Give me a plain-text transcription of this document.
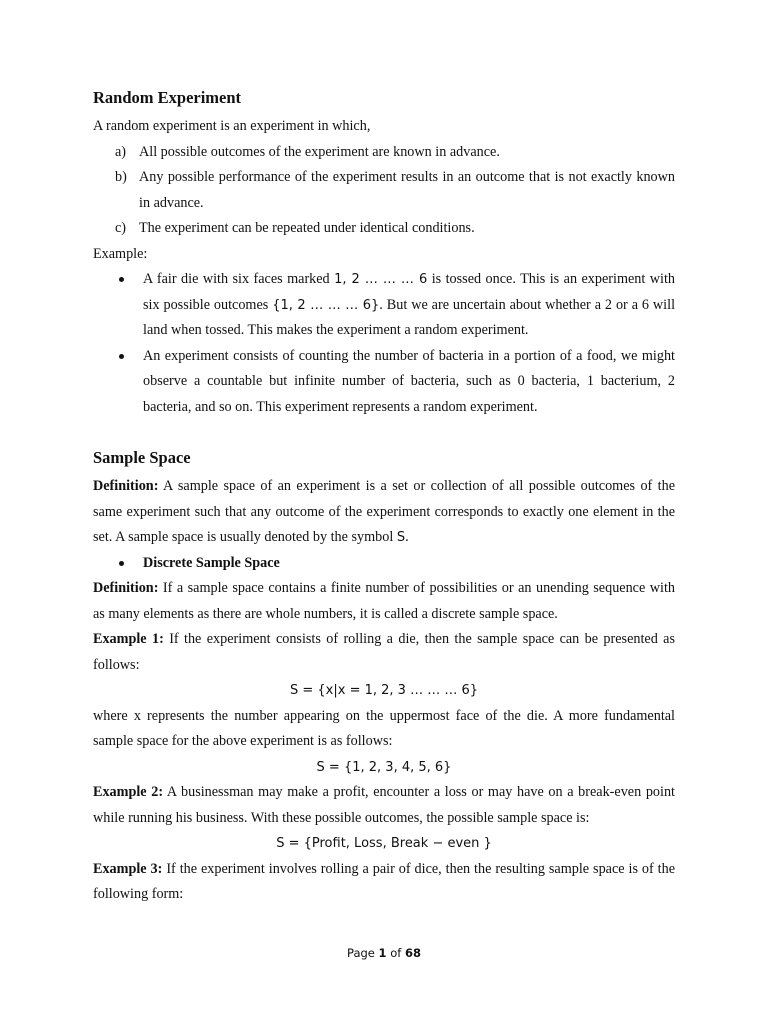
Random Experiment

A random experiment is an experiment in which,

a) All possible outcomes of the experiment are known in advance.
b) Any possible performance of the experiment results in an outcome that is not exactly known in advance.
c) The experiment can be repeated under identical conditions.

Example:

A fair die with six faces marked 1, 2 … … … 6 is tossed once. This is an experiment with six possible outcomes {1, 2 … … … 6}. But we are uncertain about whether a 2 or a 6 will land when tossed. This makes the experiment a random experiment.
An experiment consists of counting the number of bacteria in a portion of a food, we might observe a countable but infinite number of bacteria, such as 0 bacteria, 1 bacterium, 2 bacteria, and so on. This experiment represents a random experiment.
Sample Space

Definition: A sample space of an experiment is a set or collection of all possible outcomes of the same experiment such that any outcome of the experiment corresponds to exactly one element in the set. A sample space is usually denoted by the symbol S.

Discrete Sample Space

Definition: If a sample space contains a finite number of possibilities or an unending sequence with as many elements as there are whole numbers, it is called a discrete sample space.

Example 1: If the experiment consists of rolling a die, then the sample space can be presented as follows:

S = {x|x = 1, 2, 3 … … … 6}

where x represents the number appearing on the uppermost face of the die. A more fundamental sample space for the above experiment is as follows:

S = {1, 2, 3, 4, 5, 6}

Example 2: A businessman may make a profit, encounter a loss or may have on a break-even point while running his business. With these possible outcomes, the possible sample space is:

S = {Profit, Loss, Break − even }

Example 3: If the experiment involves rolling a pair of dice, then the resulting sample space is of the following form:

Page 1 of 68
